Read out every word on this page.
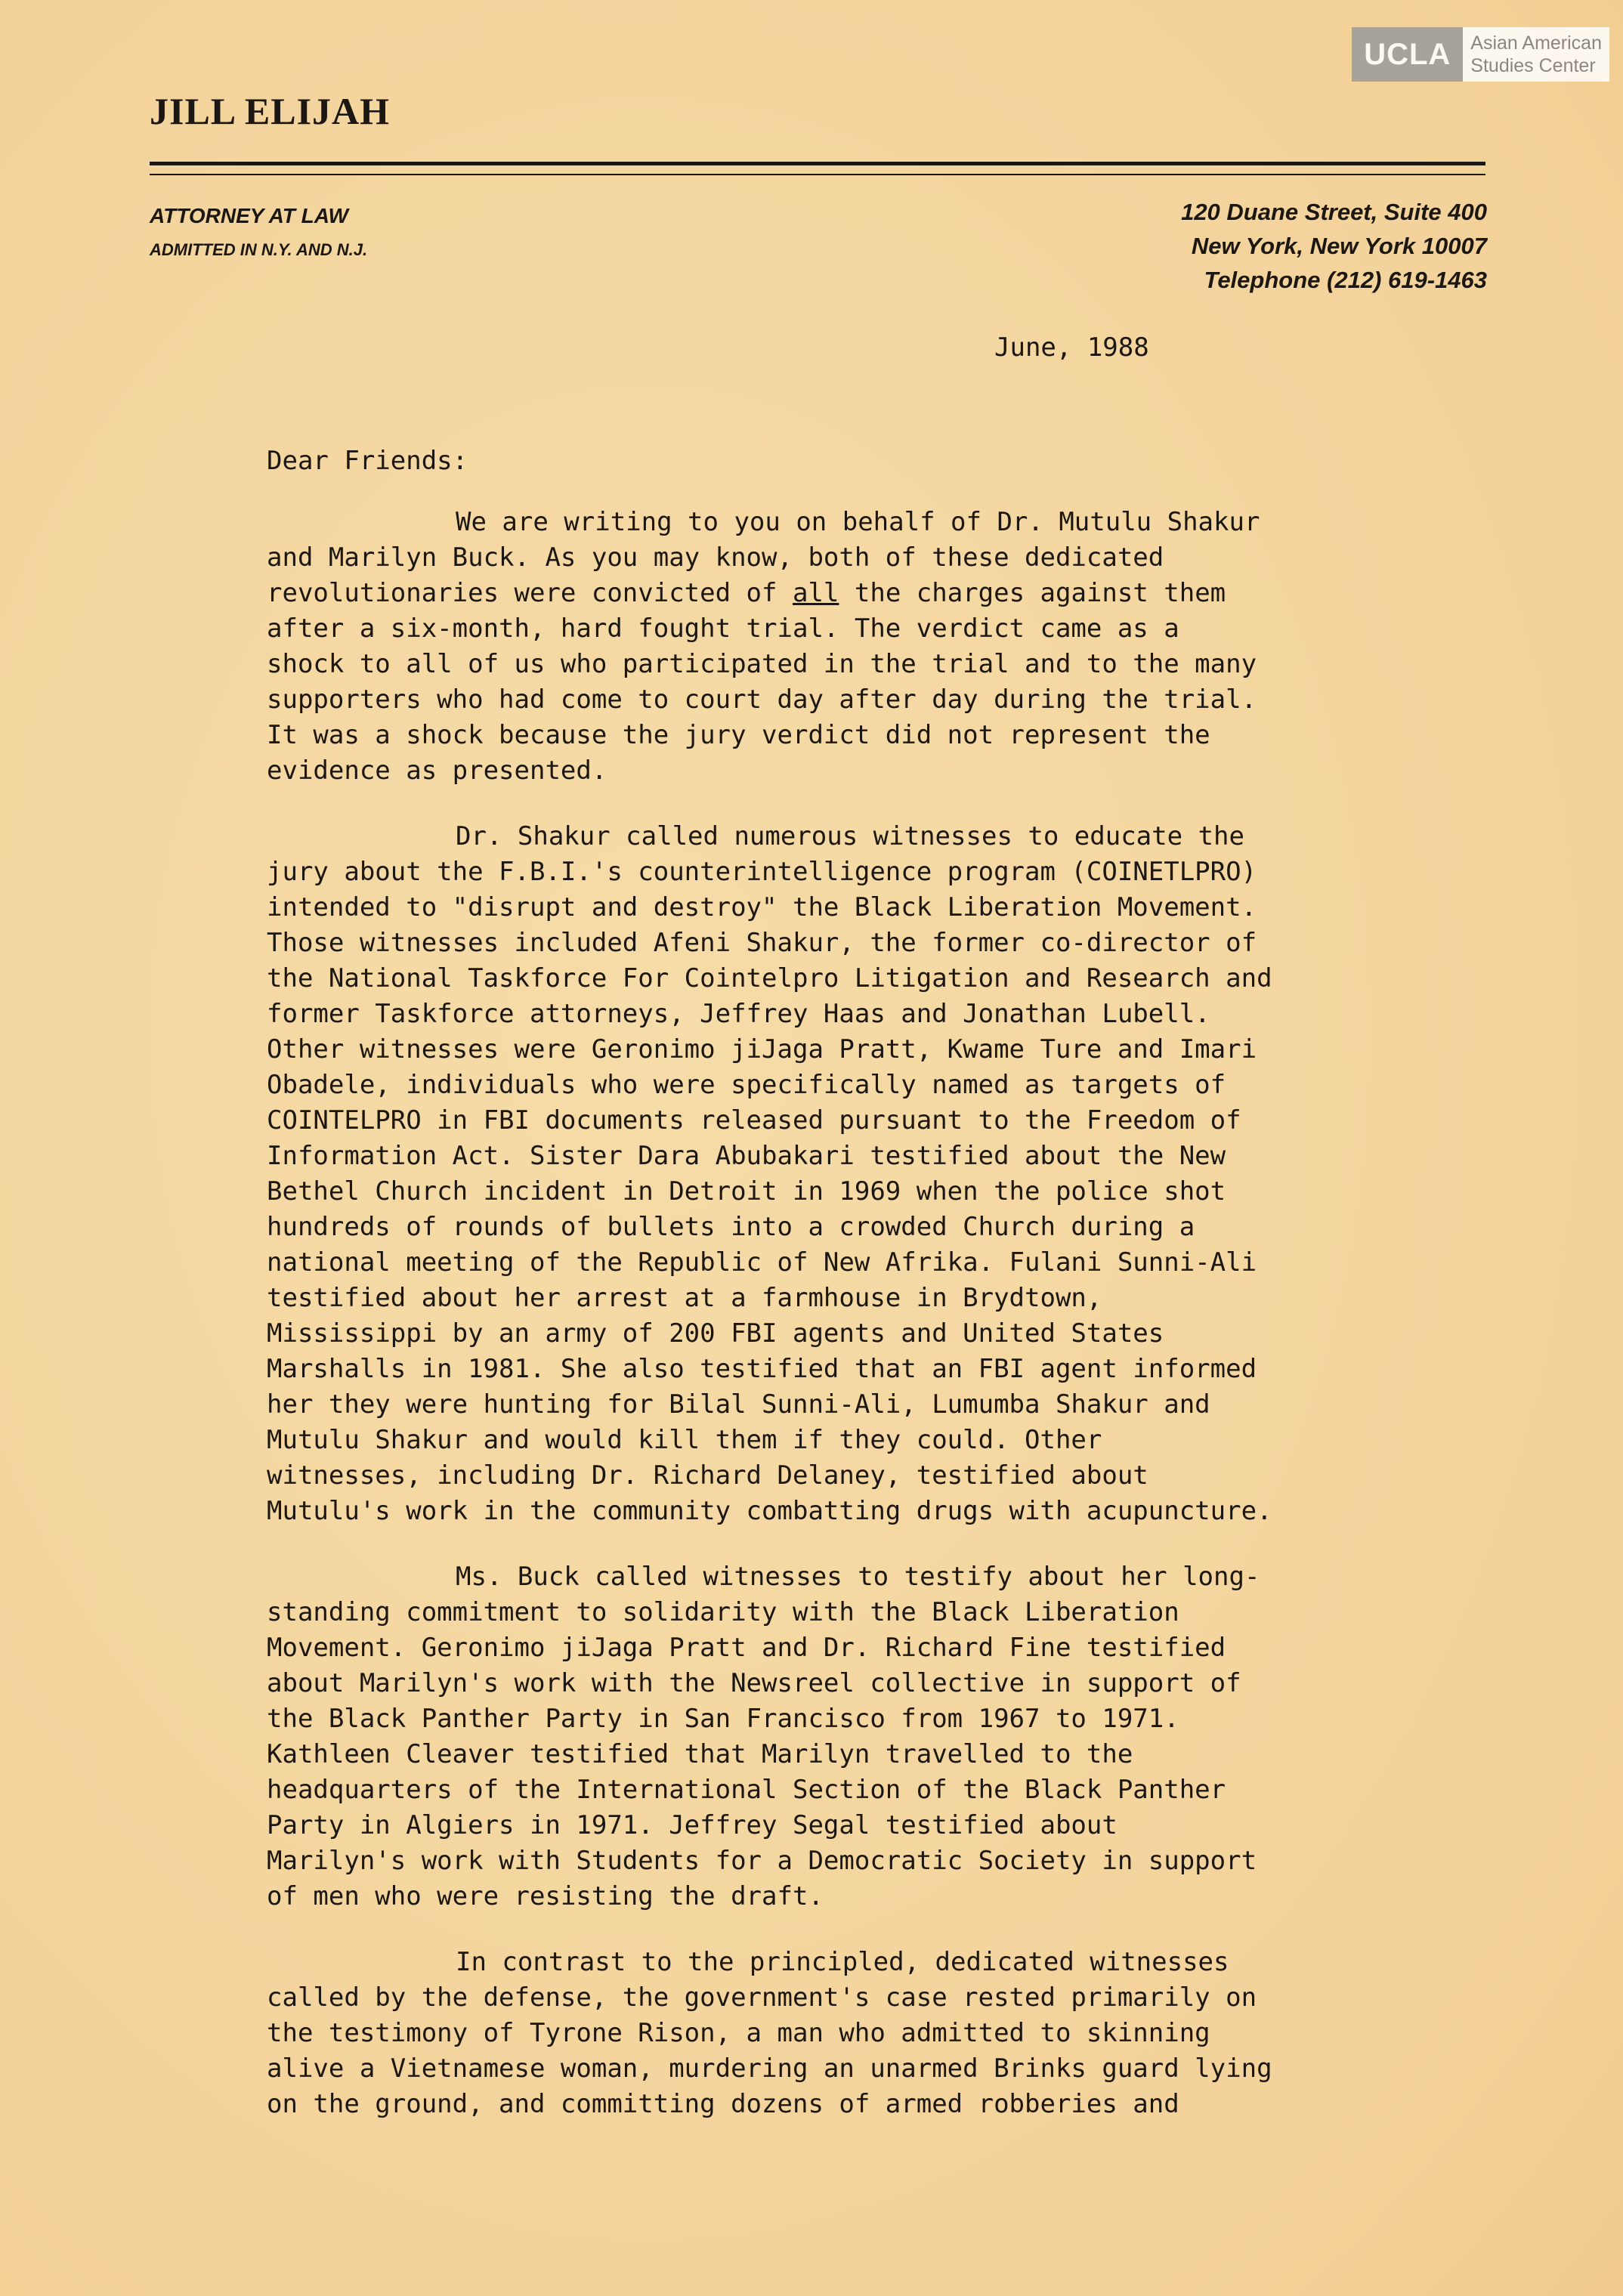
UCLA	Asian American
Studies Center
JILL ELIJAH
ATTORNEY AT LAW
ADMITTED IN N.Y. AND N.J.
120 Duane Street, Suite 400
New York, New York 10007
Telephone (212) 619-1463
June, 1988
Dear Friends:
We are writing to you on behalf of Dr. Mutulu Shakur
and Marilyn Buck. As you may know, both of these dedicated
revolutionaries were convicted of all the charges against them
after a six-month, hard fought trial. The verdict came as a
shock to all of us who participated in the trial and to the many
supporters who had come to court day after day during the trial.
It was a shock because the jury verdict did not represent the
evidence as presented.
Dr. Shakur called numerous witnesses to educate the
jury about the F.B.I.'s counterintelligence program (COINETLPRO)
intended to "disrupt and destroy" the Black Liberation Movement.
Those witnesses included Afeni Shakur, the former co-director of
the National Taskforce For Cointelpro Litigation and Research and
former Taskforce attorneys, Jeffrey Haas and Jonathan Lubell.
Other witnesses were Geronimo jiJaga Pratt, Kwame Ture and Imari
Obadele, individuals who were specifically named as targets of
COINTELPRO in FBI documents released pursuant to the Freedom of
Information Act. Sister Dara Abubakari testified about the New
Bethel Church incident in Detroit in 1969 when the police shot
hundreds of rounds of bullets into a crowded Church during a
national meeting of the Republic of New Afrika. Fulani Sunni-Ali
testified about her arrest at a farmhouse in Brydtown,
Mississippi by an army of 200 FBI agents and United States
Marshalls in 1981. She also testified that an FBI agent informed
her they were hunting for Bilal Sunni-Ali, Lumumba Shakur and
Mutulu Shakur and would kill them if they could. Other
witnesses, including Dr. Richard Delaney, testified about
Mutulu's work in the community combatting drugs with acupuncture.
Ms. Buck called witnesses to testify about her long-
standing commitment to solidarity with the Black Liberation
Movement. Geronimo jiJaga Pratt and Dr. Richard Fine testified
about Marilyn's work with the Newsreel collective in support of
the Black Panther Party in San Francisco from 1967 to 1971.
Kathleen Cleaver testified that Marilyn travelled to the
headquarters of the International Section of the Black Panther
Party in Algiers in 1971. Jeffrey Segal testified about
Marilyn's work with Students for a Democratic Society in support
of men who were resisting the draft.
In contrast to the principled, dedicated witnesses
called by the defense, the government's case rested primarily on
the testimony of Tyrone Rison, a man who admitted to skinning
alive a Vietnamese woman, murdering an unarmed Brinks guard lying
on the ground, and committing dozens of armed robberies and
